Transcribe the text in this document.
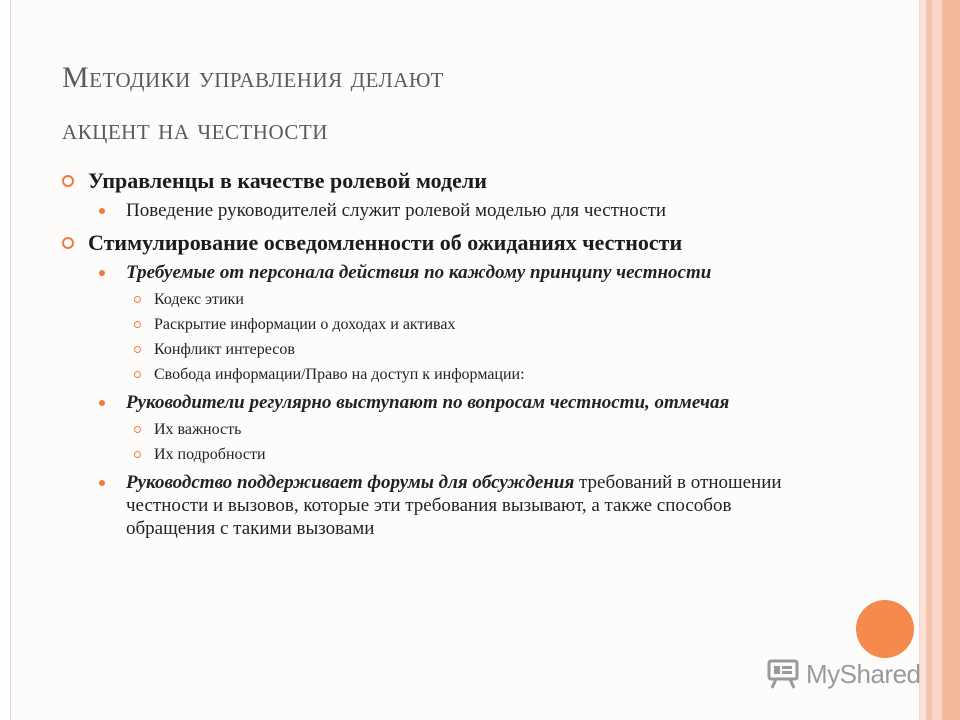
Методики управления делают
акцент на честности
Управленцы в качестве ролевой модели
Поведение руководителей служит ролевой моделью для честности
Стимулирование осведомленности об ожиданиях честности
Требуемые от персонала действия по каждому принципу честности
Кодекс этики
Раскрытие информации о доходах и активах
Конфликт интересов
Свобода информации/Право на доступ к информации:
Руководители регулярно выступают по вопросам честности, отмечая
Их важность
Их подробности
Руководство поддерживает форумы для обсуждения требований в отношении честности и вызовов, которые эти требования вызывают, а также способов обращения с такими вызовами
MyShared
